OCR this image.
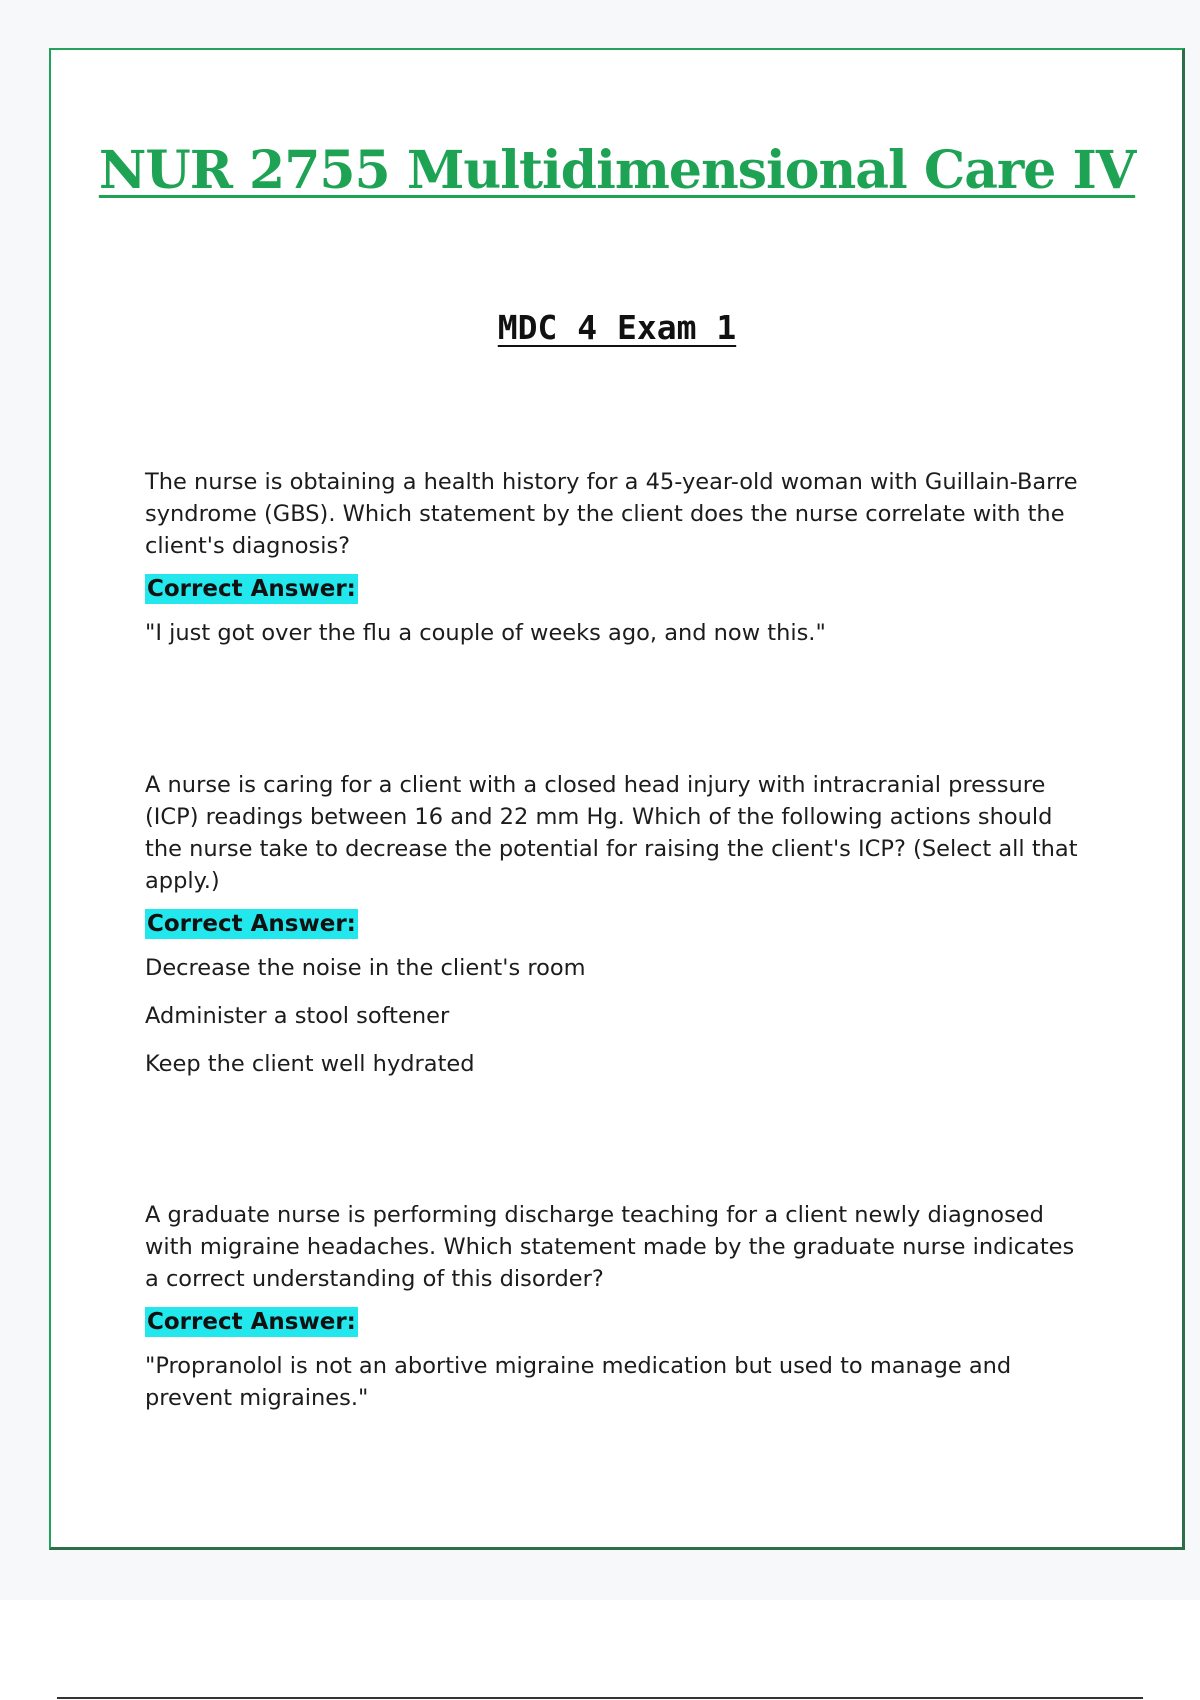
NUR 2755 Multidimensional Care IV
MDC 4 Exam 1

The nurse is obtaining a health history for a 45-year-old woman with Guillain-Barre syndrome (GBS). Which statement by the client does the nurse correlate with the client's diagnosis?

Correct Answer:

"I just got over the flu a couple of weeks ago, and now this."

A nurse is caring for a client with a closed head injury with intracranial pressure (ICP) readings between 16 and 22 mm Hg. Which of the following actions should the nurse take to decrease the potential for raising the client's ICP? (Select all that apply.)

Correct Answer:

Decrease the noise in the client's room

Administer a stool softener

Keep the client well hydrated

A graduate nurse is performing discharge teaching for a client newly diagnosed with migraine headaches. Which statement made by the graduate nurse indicates a correct understanding of this disorder?

Correct Answer:

"Propranolol is not an abortive migraine medication but used to manage and prevent migraines."
